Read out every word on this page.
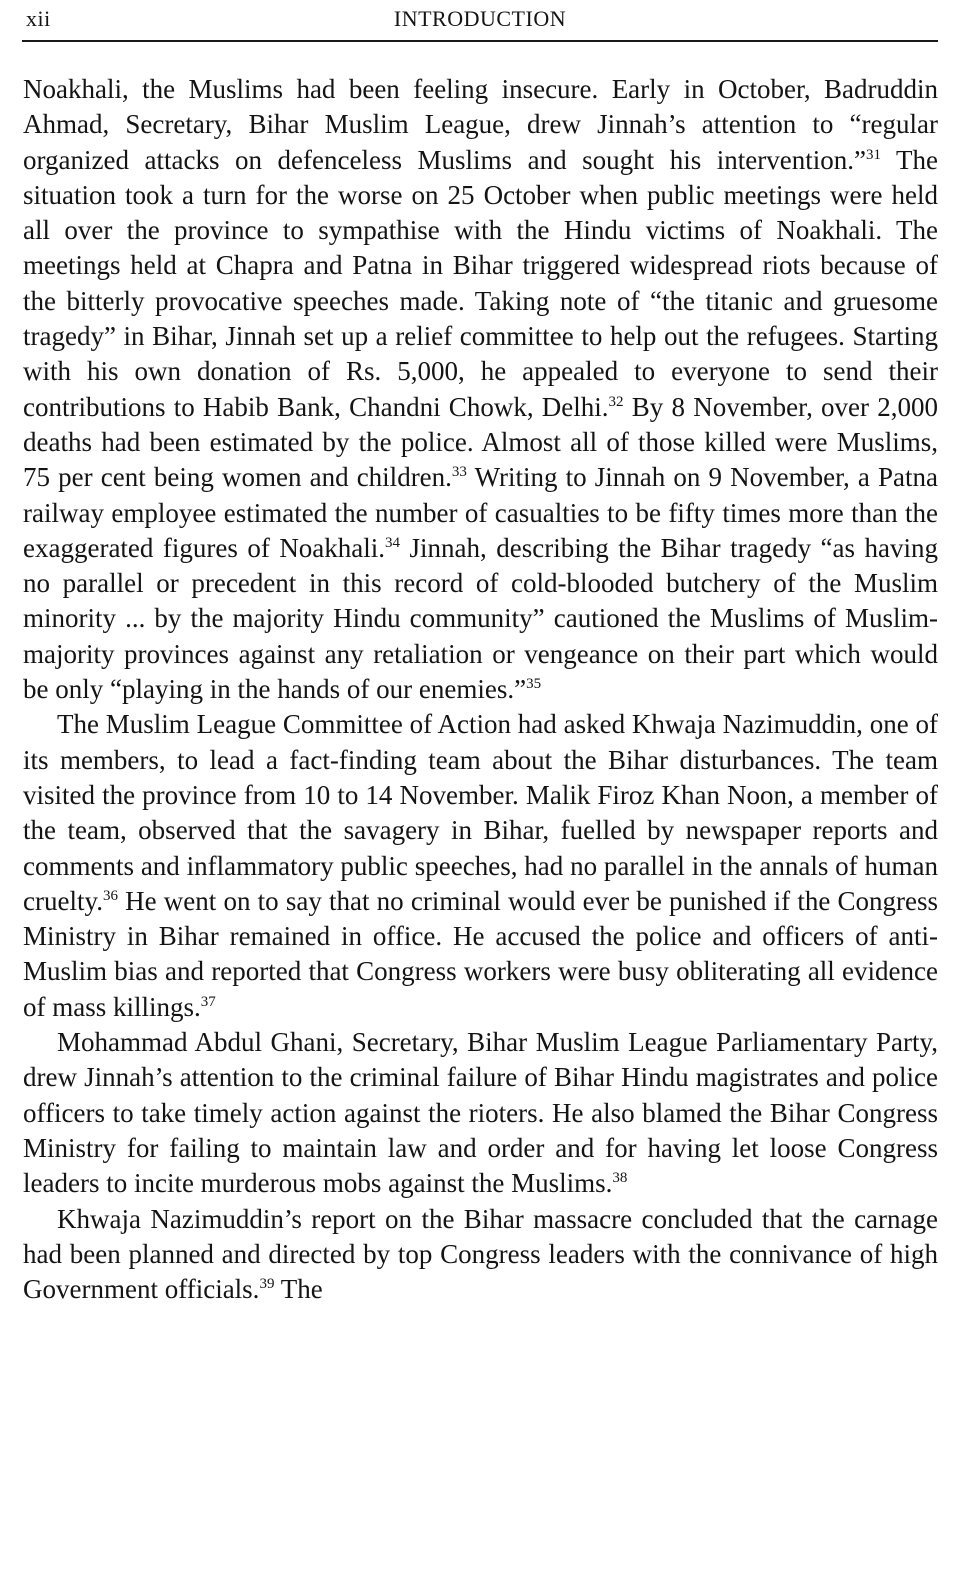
xii	INTRODUCTION

Noakhali, the Muslims had been feeling insecure. Early in October, Badruddin Ahmad, Secretary, Bihar Muslim League, drew Jinnah’s attention to “regular organized attacks on defenceless Muslims and sought his intervention.”$^{31}$ The situation took a turn for the worse on 25 October when public meetings were held all over the province to sympathise with the Hindu victims of Noakhali. The meetings held at Chapra and Patna in Bihar triggered widespread riots because of the bitterly provocative speeches made. Taking note of “the titanic and gruesome tragedy” in Bihar, Jinnah set up a relief committee to help out the refugees. Starting with his own donation of Rs. 5,000, he appealed to everyone to send their contributions to Habib Bank, Chandni Chowk, Delhi.$^{32}$ By 8 November, over 2,000 deaths had been estimated by the police. Almost all of those killed were Muslims, 75 per cent being women and children.$^{33}$ Writing to Jinnah on 9 November, a Patna railway employee estimated the number of casualties to be fifty times more than the exaggerated figures of Noakhali.$^{34}$ Jinnah, describing the Bihar tragedy “as having no parallel or precedent in this record of cold-blooded butchery of the Muslim minority ... by the majority Hindu community” cautioned the Muslims of Muslim-majority provinces against any retaliation or vengeance on their part which would be only “playing in the hands of our enemies.”$^{35}$

The Muslim League Committee of Action had asked Khwaja Nazimuddin, one of its members, to lead a fact-finding team about the Bihar disturbances. The team visited the province from 10 to 14 November. Malik Firoz Khan Noon, a member of the team, observed that the savagery in Bihar, fuelled by newspaper reports and comments and inflammatory public speeches, had no parallel in the annals of human cruelty.$^{36}$ He went on to say that no criminal would ever be punished if the Congress Ministry in Bihar remained in office. He accused the police and officers of anti-Muslim bias and reported that Congress workers were busy obliterating all evidence of mass killings.$^{37}$

Mohammad Abdul Ghani, Secretary, Bihar Muslim League Parliamentary Party, drew Jinnah’s attention to the criminal failure of Bihar Hindu magistrates and police officers to take timely action against the rioters. He also blamed the Bihar Congress Ministry for failing to maintain law and order and for having let loose Congress leaders to incite murderous mobs against the Muslims.$^{38}$

Khwaja Nazimuddin’s report on the Bihar massacre concluded that the carnage had been planned and directed by top Congress leaders with the connivance of high Government officials.$^{39}$ The
